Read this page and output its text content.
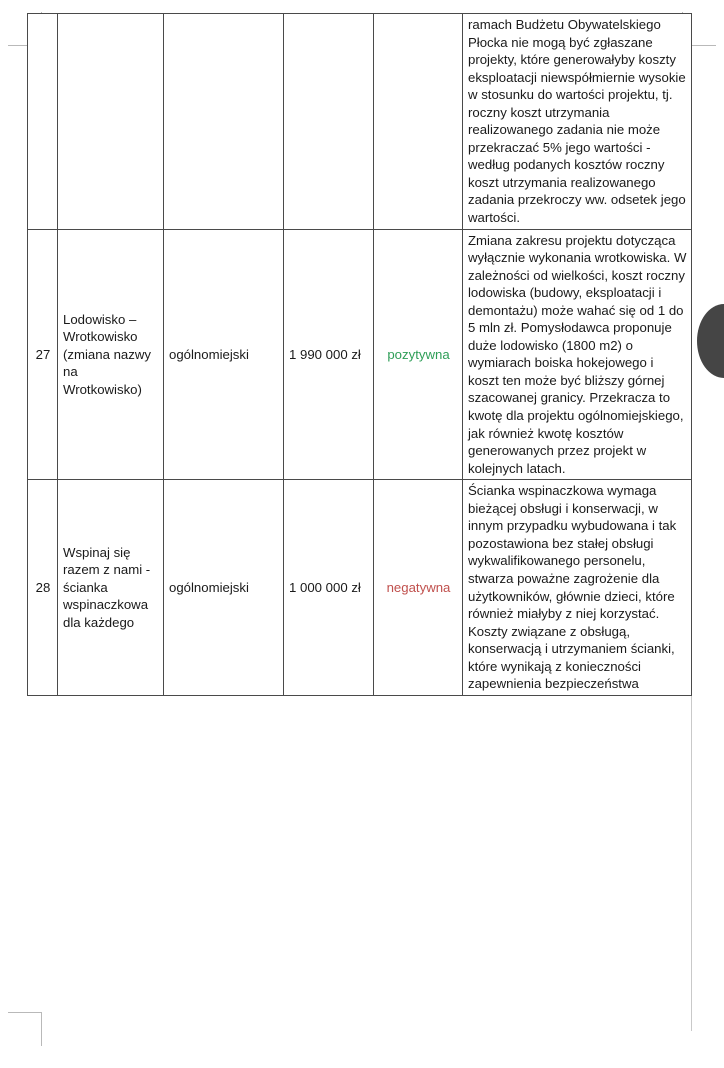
					ramach Budżetu Obywatelskiego Płocka nie mogą być zgłaszane projekty, które generowałyby koszty eksploatacji niewspółmiernie wysokie w stosunku do wartości projektu, tj. roczny koszt utrzymania realizowanego zadania nie może przekraczać 5% jego wartości - według podanych kosztów roczny koszt utrzymania realizowanego zadania przekroczy ww. odsetek jego wartości.
27	Lodowisko – Wrotkowisko (zmiana nazwy na Wrotkowisko)	ogólnomiejski	1 990 000 zł	pozytywna	Zmiana zakresu projektu dotycząca wyłącznie wykonania wrotkowiska. W zależności od wielkości, koszt roczny lodowiska (budowy, eksploatacji i demontażu) może wahać się od 1 do 5 mln zł. Pomysłodawca proponuje duże lodowisko (1800 m2) o wymiarach boiska hokejowego i koszt ten może być bliższy górnej szacowanej granicy. Przekracza to kwotę dla projektu ogólnomiejskiego, jak również kwotę kosztów generowanych przez projekt w kolejnych latach.
28	Wspinaj się razem z nami - ścianka wspinaczkowa dla każdego	ogólnomiejski	1 000 000 zł	negatywna	Ścianka wspinaczkowa wymaga bieżącej obsługi i konserwacji, w innym przypadku wybudowana i tak pozostawiona bez stałej obsługi wykwalifikowanego personelu, stwarza poważne zagrożenie dla użytkowników, głównie dzieci, które również miałyby z niej korzystać. Koszty związane z obsługą, konserwacją i utrzymaniem ścianki, które wynikają z konieczności zapewnienia bezpieczeństwa
